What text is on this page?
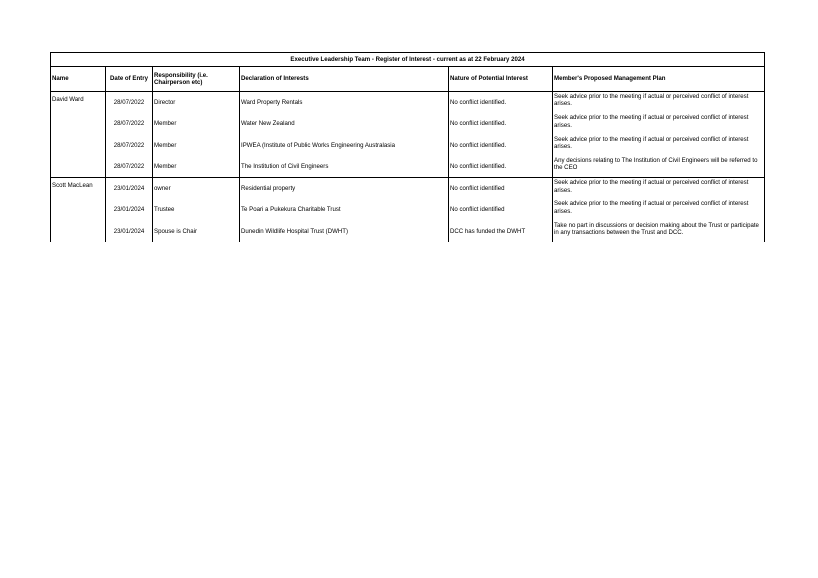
Executive Leadership Team - Register of Interest - current as at 22 February 2024					
Name	Date of Entry	Responsibility (i.e. Chairperson etc)	Declaration of Interests	Nature of Potential Interest	Member's Proposed Management Plan
David Ward	28/07/2022	Director	Ward Property Rentals	No conflict identified.	Seek advice prior to the meeting if actual or perceived conflict of interest arises.
	28/07/2022	Member	Water New Zealand	No conflict identified.	Seek advice prior to the meeting if actual or perceived conflict of interest arises.
	28/07/2022	Member	IPWEA (Institute of Public Works Engineering Australasia	No conflict identified.	Seek advice prior to the meeting if actual or perceived conflict of interest arises.
	28/07/2022	Member	The Institution of Civil Engineers	No conflict identified.	Any decisions relating to The Institution of Civil Engineers will be referred to the CEO
Scott MacLean	23/01/2024	owner	Residential property	No conflict identified	Seek advice prior to the meeting if actual or perceived conflict of interest arises.
	23/01/2024	Trustee	Te Poari a Pukekura Charitable Trust	No conflict identified	Seek advice prior to the meeting if actual or perceived conflict of interest arises.
	23/01/2024	Spouse is Chair	Dunedin Wildlife Hospital Trust (DWHT)	DCC has funded the DWHT	Take no part in discussions or decision making about the Trust or participate in any transactions between the Trust and DCC.
